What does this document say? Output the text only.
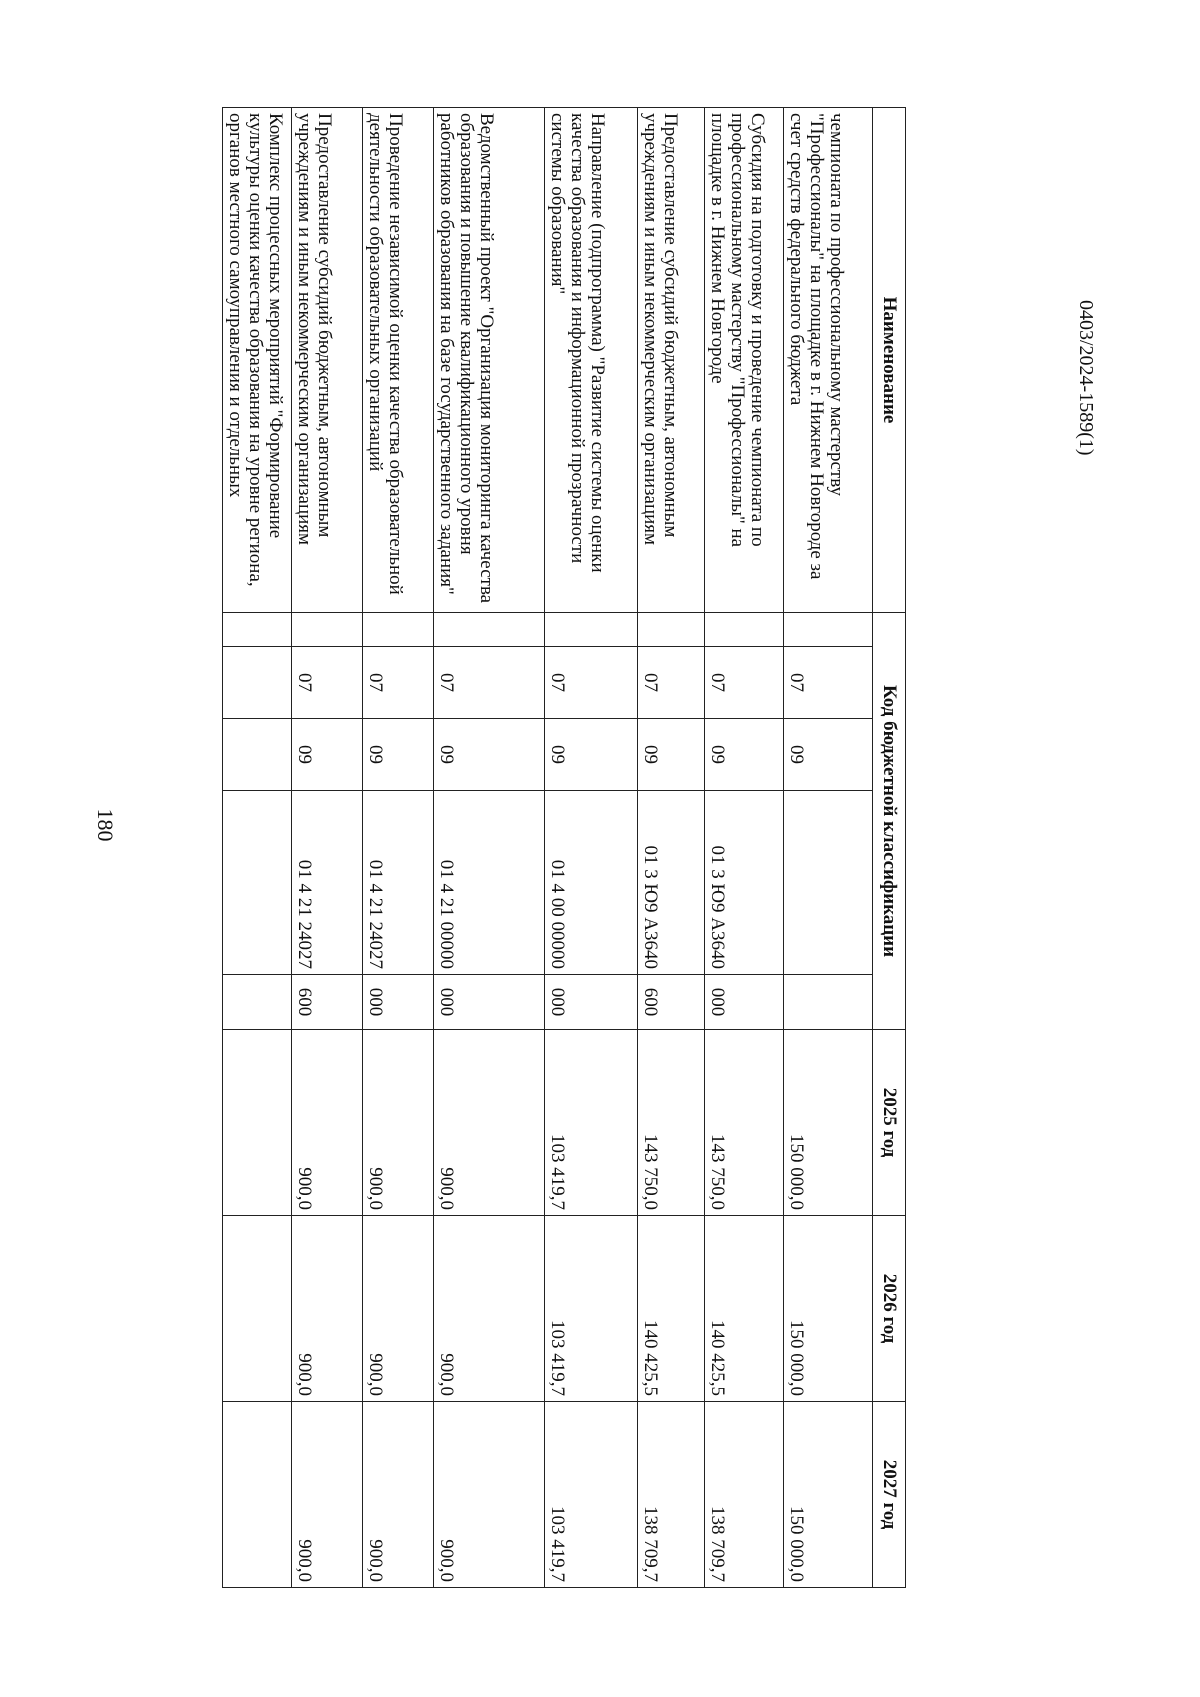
180
0403/2024-1589(1)
Наименование	Код бюджетной классификации					2025 год	2026 год	2027 год
чемпионата по профессиональному мастерству "Профессионалы" на площадке в г. Нижнем Новгороде за счет средств федерального бюджета		07	09			150 000,0	150 000,0	150 000,0
Субсидия на подготовку и проведение чемпионата по профессиональному мастерству "Профессионалы" на площадке в г. Нижнем Новгороде		07	09	01 3 Ю9 А3640	000	143 750,0	140 425,5	138 709,7
Предоставление субсидий бюджетным, автономным учреждениям и иным некоммерческим организациям		07	09	01 3 Ю9 А3640	600	143 750,0	140 425,5	138 709,7
Направление (подпрограмма) "Развитие системы оценки качества образования и информационной прозрачности системы образования"		07	09	01 4 00 00000	000	103 419,7	103 419,7	103 419,7
Ведомственный проект "Организация мониторинга качества образования и повышение квалификационного уровня работников образования на базе государственного задания"		07	09	01 4 21 00000	000	900,0	900,0	900,0
Проведение независимой оценки качества образовательной деятельности образовательных организаций		07	09	01 4 21 24027	000	900,0	900,0	900,0
Предоставление субсидий бюджетным, автономным учреждениям и иным некоммерческим организациям		07	09	01 4 21 24027	600	900,0	900,0	900,0
Комплекс процессных мероприятий "Формирование культуры оценки качества образования на уровне региона, органов местного самоуправления и отдельных								
